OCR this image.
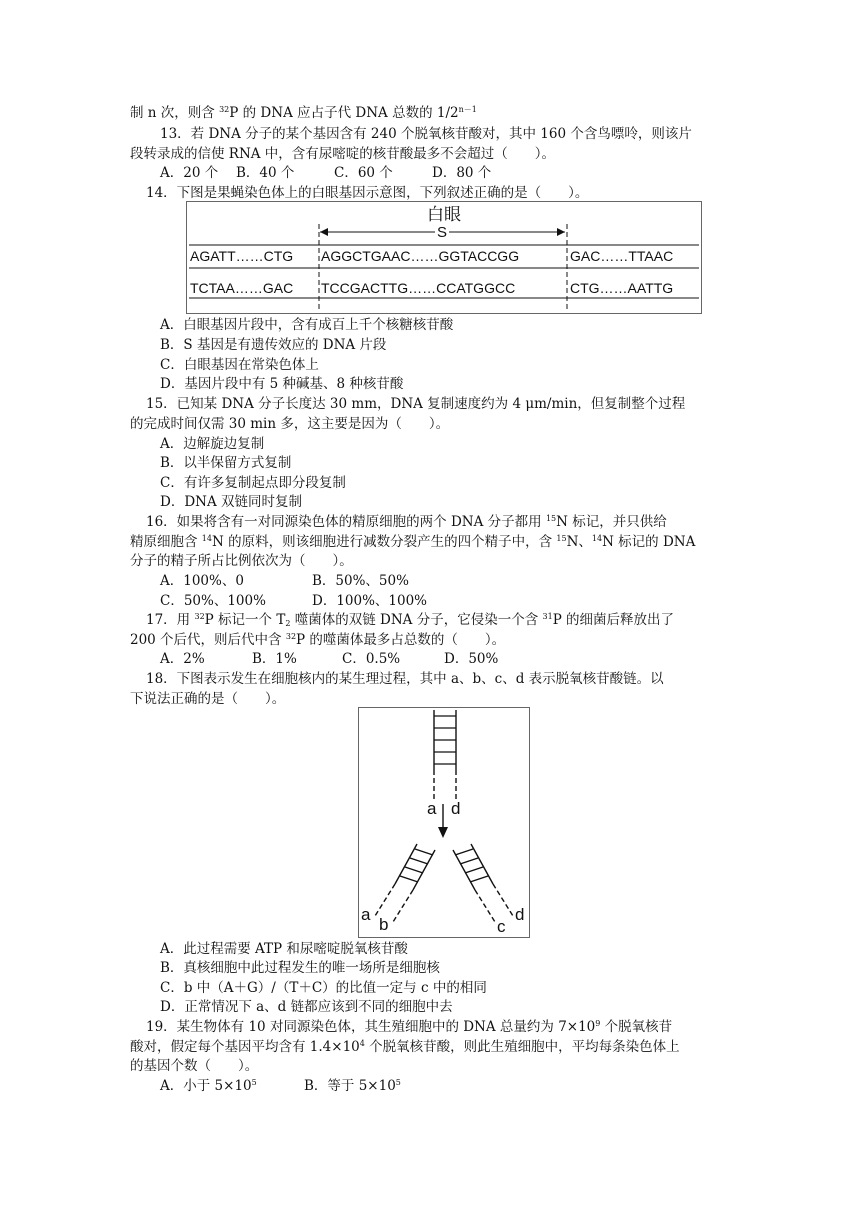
制 n 次，则含 $^{32}$P 的 DNA 应占子代 DNA 总数的 $1/2^{n-1}$
13．若 DNA 分子的某个基因含有 240 个脱氧核苷酸对，其中 160 个含鸟嘌呤，则该片
段转录成的信使 RNA 中，含有尿嘧啶的核苷酸最多不会超过（　　）。
A．20 个 B．40 个	C．60 个	D．80 个
14．下图是果蝇染色体上的白眼基因示意图，下列叙述正确的是（　　）。
白眼
S
AGATT……CTG AGGCTGAAC……GGTACCGG	GAC……TTAAC
TCTAA……GAC TCCGACTTG……CCATGGCC	CTG……AATTG
A．白眼基因片段中，含有成百上千个核糖核苷酸
B．S 基因是有遗传效应的 DNA 片段
C．白眼基因在常染色体上
D．基因片段中有 5 种碱基、8 种核苷酸
15．已知某 DNA 分子长度达 30 mm，DNA 复制速度约为 4 μm/min，但复制整个过程
的完成时间仅需 30 min 多，这主要是因为（　　）。
A．边解旋边复制
B．以半保留方式复制
C．有许多复制起点即分段复制
D．DNA 双链同时复制
16．如果将含有一对同源染色体的精原细胞的两个 DNA 分子都用 $^{15}$N 标记，并只供给
精原细胞含 $^{14}$N 的原料，则该细胞进行减数分裂产生的四个精子中，含 $^{15}$N、$^{14}$N 标记的 DNA
分子的精子所占比例依次为（　　）。
A．100%、0	B．50%、50%
C．50%、100%	D．100%、100%
17．用 $^{32}$P 标记一个 $T_2$ 噬菌体的双链 DNA 分子，它侵染一个含 $^{31}$P 的细菌后释放出了
200 个后代，则后代中含 $^{32}$P 的噬菌体最多占总数的（　　）。
A．2%	B．1%	C．0.5%	D．50%
18．下图表示发生在细胞核内的某生理过程，其中 a、b、c、d 表示脱氧核苷酸链。以
下说法正确的是（　　）。
a d
a
b	c
d
A．此过程需要 ATP 和尿嘧啶脱氧核苷酸
B．真核细胞中此过程发生的唯一场所是细胞核
C．b 中（A＋G）/（T＋C）的比值一定与 c 中的相同
D．正常情况下 a、d 链都应该到不同的细胞中去
19．某生物体有 10 对同源染色体，其生殖细胞中的 DNA 总量约为 $7\times 10^9$ 个脱氧核苷
酸对，假定每个基因平均含有 $1.4\times 10^4$ 个脱氧核苷酸，则此生殖细胞中，平均每条染色体上
的基因个数（　　）。
A．小于 $5\times 10^5$	B．等于 $5\times 10^5$
